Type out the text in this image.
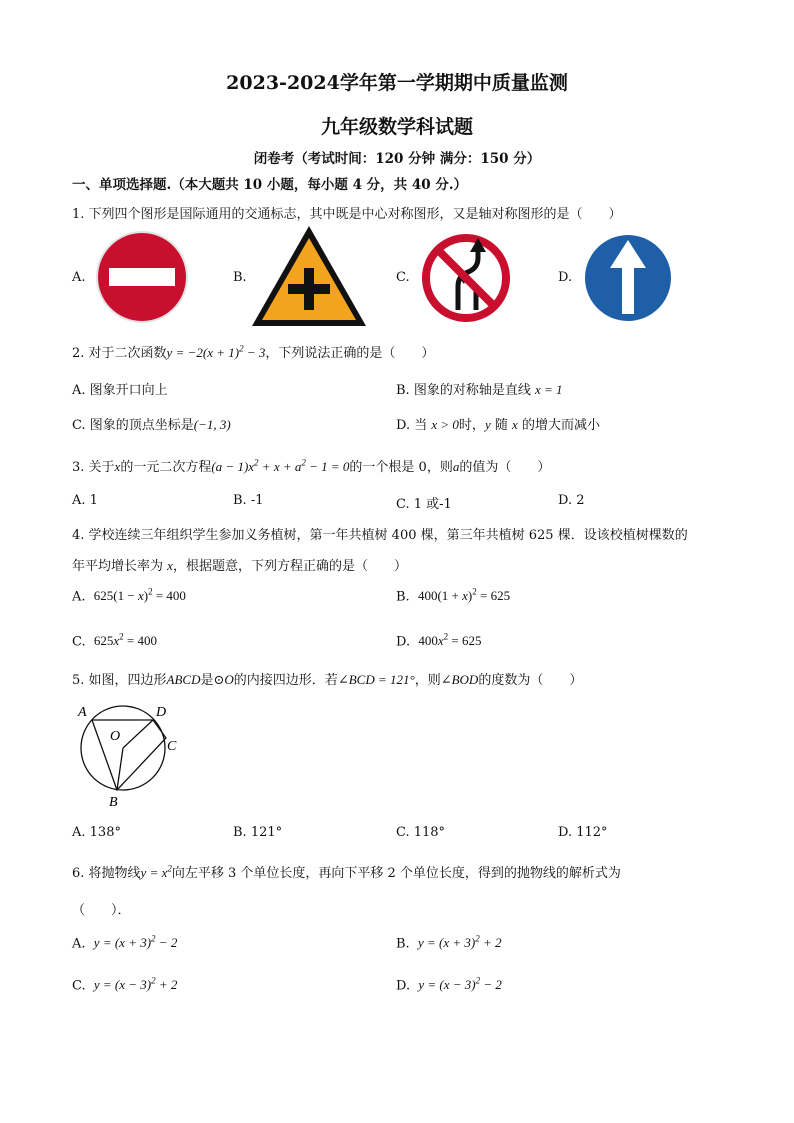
2023-2024学年第一学期期中质量监测
九年级数学科试题
闭卷考（考试时间：120 分钟 满分：150 分）
一、单项选择题.（本大题共 10 小题，每小题 4 分，共 40 分.）
1. 下列四个图形是国际通用的交通标志，其中既是中心对称图形，又是轴对称图形的是（　　）
A.	B.	C.	D.
2. 对于二次函数$y = -2(x + 1)^2 - 3$，下列说法正确的是（　　）
A. 图象开口向上	B. 图象的对称轴是直线 x = 1
C. 图象的顶点坐标是(−1, 3)	D. 当 x > 0时，y 随 x 的增大而减小
3. 关于x的一元二次方程$(a - 1)x^2 + x + a^2 - 1 = 0$的一个根是 0，则a的值为（　　）
A. 1	B. -1	C. 1 或-1	D. 2
4. 学校连续三年组织学生参加义务植树，第一年共植树 400 棵，第三年共植树 625 棵．设该校植树棵数的
年平均增长率为 x，根据题意，下列方程正确的是（　　）
A. $625(1 - x)^2 = 400$	B. $400(1 + x)^2 = 625$
C. $625x^2 = 400$	D. $400x^2 = 625$
5. 如图，四边形ABCD是⊙O的内接四边形．若∠BCD = 121°，则∠BOD的度数为（　　）
A	D
O
C
B
A. 138°	B. 121°	C. 118°	D. 112°
6. 将抛物线$y = x^2$向左平移 3 个单位长度，再向下平移 2 个单位长度，得到的抛物线的解析式为
（　　）．
A. $y = (x + 3)^2 - 2$	B. $y = (x + 3)^2 + 2$
C. $y = (x - 3)^2 + 2$	D. $y = (x - 3)^2 - 2$
